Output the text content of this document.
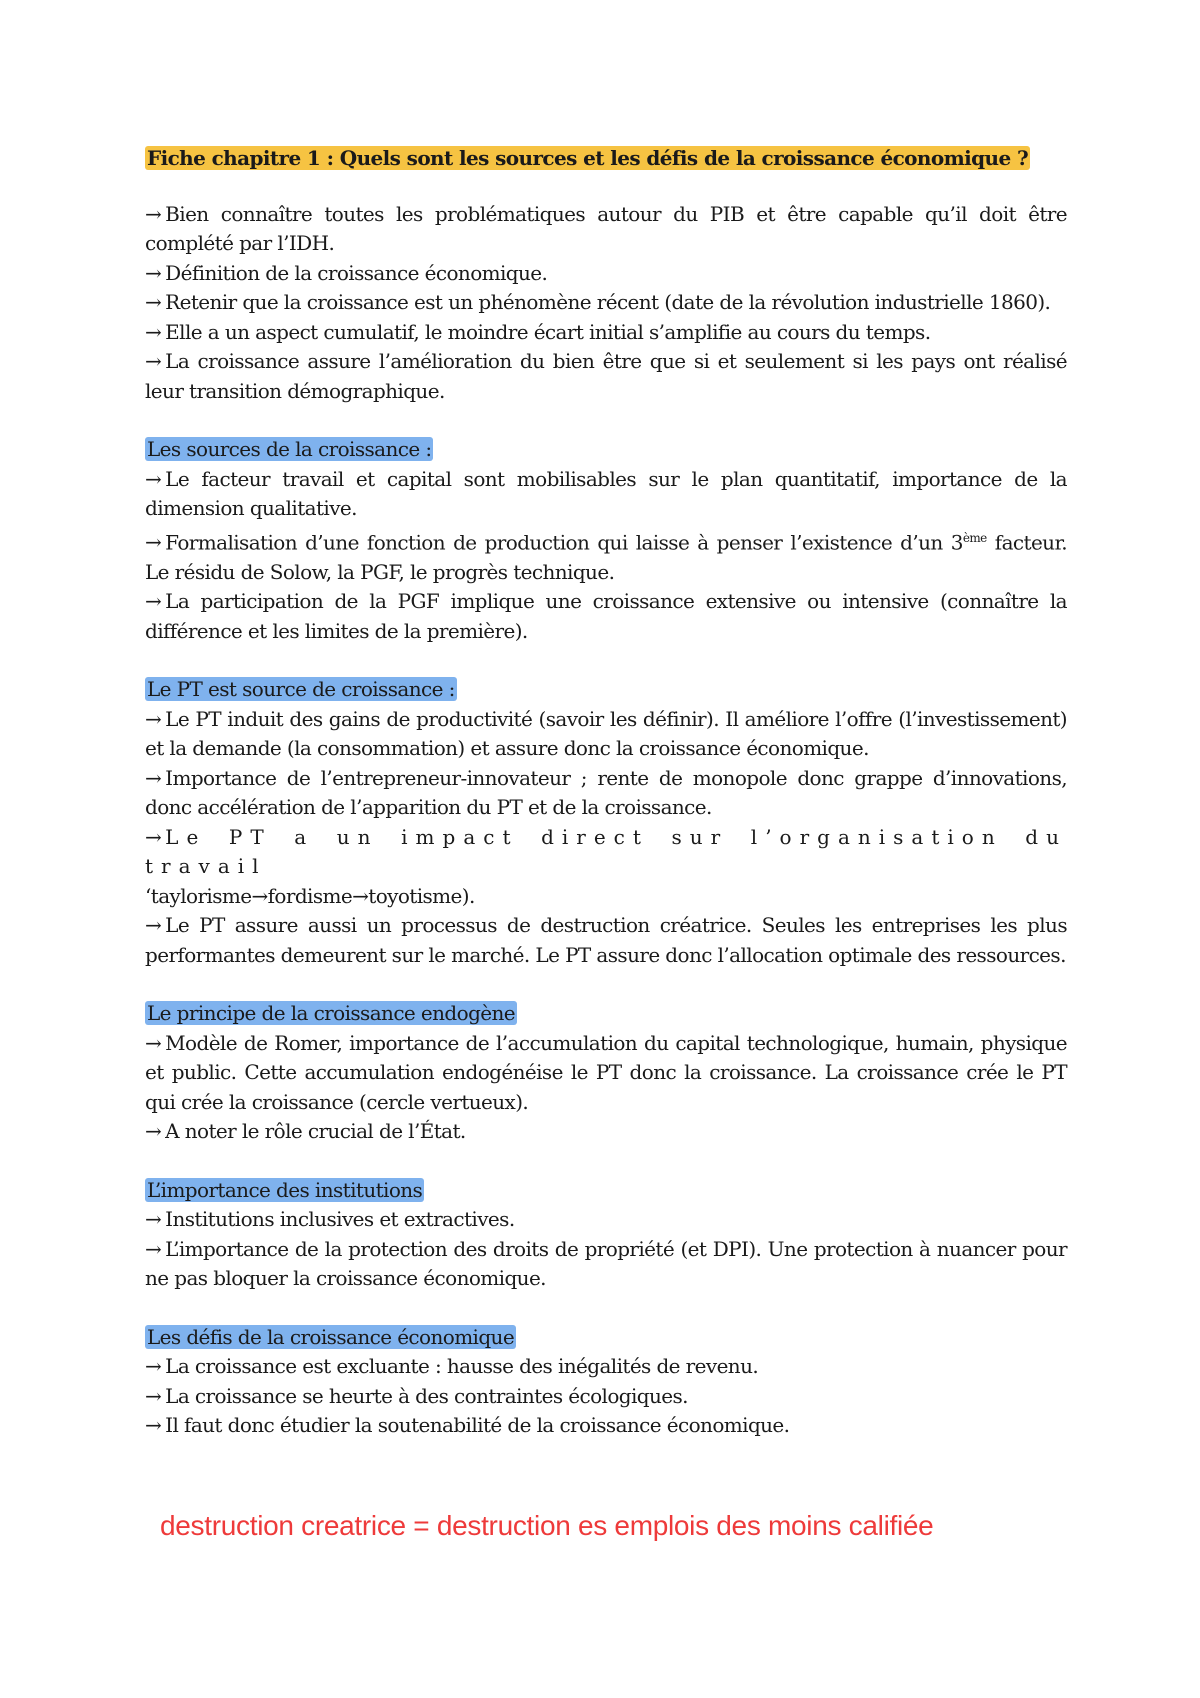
Fiche chapitre 1 : Quels sont les sources et les défis de la croissance économique ?

→ Bien connaître toutes les problématiques autour du PIB et être capable qu’il doit être complété par l’IDH.

→ Définition de la croissance économique.

→ Retenir que la croissance est un phénomène récent (date de la révolution industrielle 1860).

→ Elle a un aspect cumulatif, le moindre écart initial s’amplifie au cours du temps.

→ La croissance assure l’amélioration du bien être que si et seulement si les pays ont réalisé leur transition démographique.

Les sources de la croissance :

→ Le facteur travail et capital sont mobilisables sur le plan quantitatif, importance de la dimension qualitative.

→ Formalisation d’une fonction de production qui laisse à penser l’existence d’un 3ème facteur. Le résidu de Solow, la PGF, le progrès technique.

→ La participation de la PGF implique une croissance extensive ou intensive (connaître la différence et les limites de la première).

Le PT est source de croissance :

→ Le PT induit des gains de productivité (savoir les définir). Il améliore l’offre (l’investissement) et la demande (la consommation) et assure donc la croissance économique.

→ Importance de l’entrepreneur-innovateur ; rente de monopole donc grappe d’innovations, donc accélération de l’apparition du PT et de la croissance.

→ Le PT a un impact direct sur l’organisation du travail

‘taylorisme→fordisme→toyotisme).

→ Le PT assure aussi un processus de destruction créatrice. Seules les entreprises les plus performantes demeurent sur le marché. Le PT assure donc l’allocation optimale des ressources.

Le principe de la croissance endogène

→ Modèle de Romer, importance de l’accumulation du capital technologique, humain, physique et public. Cette accumulation endogénéise le PT donc la croissance. La croissance crée le PT qui crée la croissance (cercle vertueux).

→ A noter le rôle crucial de l’État.

L’importance des institutions

→ Institutions inclusives et extractives.

→ L’importance de la protection des droits de propriété (et DPI). Une protection à nuancer pour ne pas bloquer la croissance économique.

Les défis de la croissance économique

→ La croissance est excluante : hausse des inégalités de revenu.

→ La croissance se heurte à des contraintes écologiques.

→ Il faut donc étudier la soutenabilité de la croissance économique.

destruction creatrice = destruction es emplois des moins califiée
